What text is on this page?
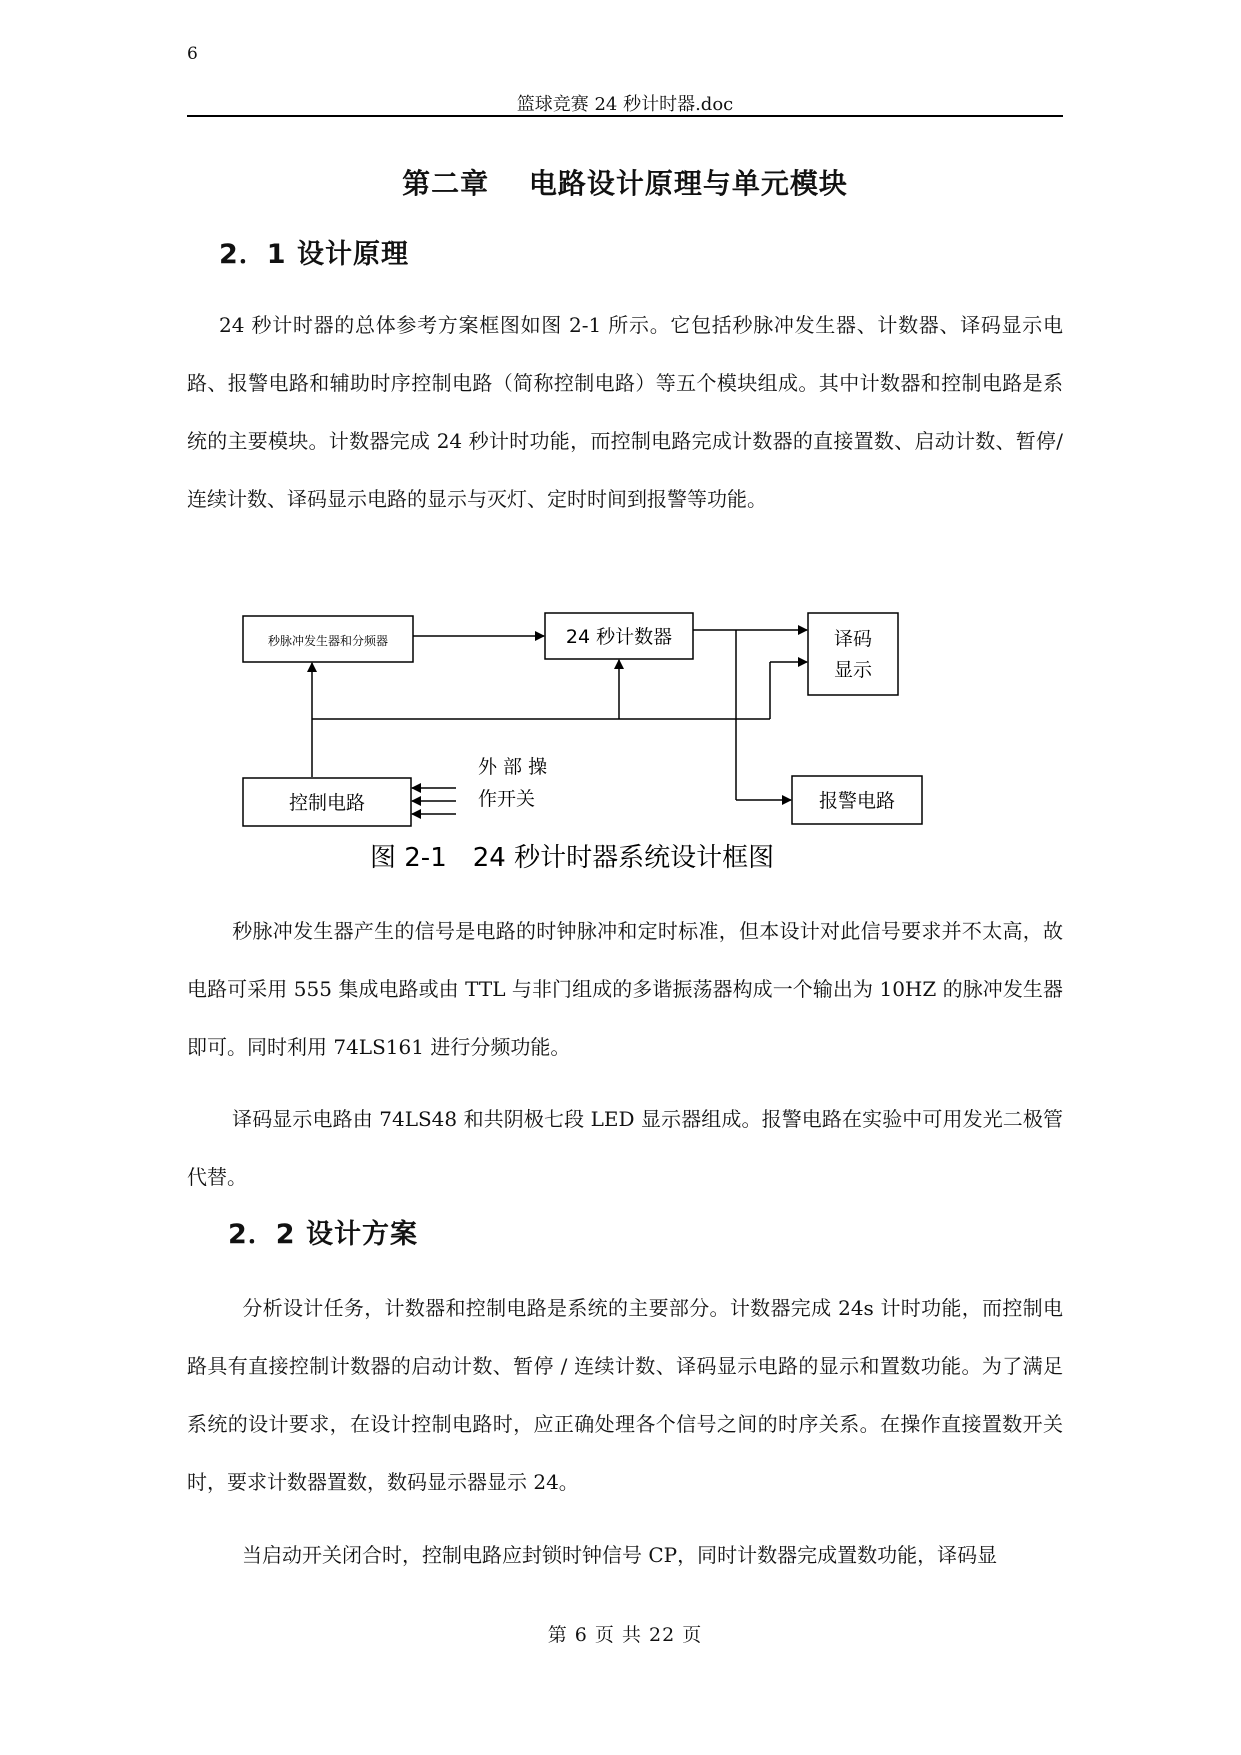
6
篮球竞赛 24 秒计时器.doc
第二章　 电路设计原理与单元模块
2．1 设计原理
24 秒计时器的总体参考方案框图如图 2-1 所示。它包括秒脉冲发生器、计数器、译码显示电路、报警电路和辅助时序控制电路（简称控制电路）等五个模块组成。其中计数器和控制电路是系统的主要模块。计数器完成 24 秒计时功能，而控制电路完成计数器的直接置数、启动计数、暂停/连续计数、译码显示电路的显示与灭灯、定时时间到报警等功能。
秒脉冲发生器和分频器	24 秒计数器	译码
显示
控制电路	报警电路
外 部 操
作开关
图 2-1　24 秒计时器系统设计框图
秒脉冲发生器产生的信号是电路的时钟脉冲和定时标准，但本设计对此信号要求并不太高，故电路可采用 555 集成电路或由 TTL 与非门组成的多谐振荡器构成一个输出为 10HZ 的脉冲发生器即可。同时利用 74LS161 进行分频功能。
译码显示电路由 74LS48 和共阴极七段 LED 显示器组成。报警电路在实验中可用发光二极管代替。
2．2 设计方案
分析设计任务，计数器和控制电路是系统的主要部分。计数器完成 24s 计时功能，而控制电路具有直接控制计数器的启动计数、暂停 / 连续计数、译码显示电路的显示和置数功能。为了满足系统的设计要求，在设计控制电路时，应正确处理各个信号之间的时序关系。在操作直接置数开关时，要求计数器置数，数码显示器显示 24。
当启动开关闭合时，控制电路应封锁时钟信号 CP，同时计数器完成置数功能，译码显
第 6 页 共 22 页
